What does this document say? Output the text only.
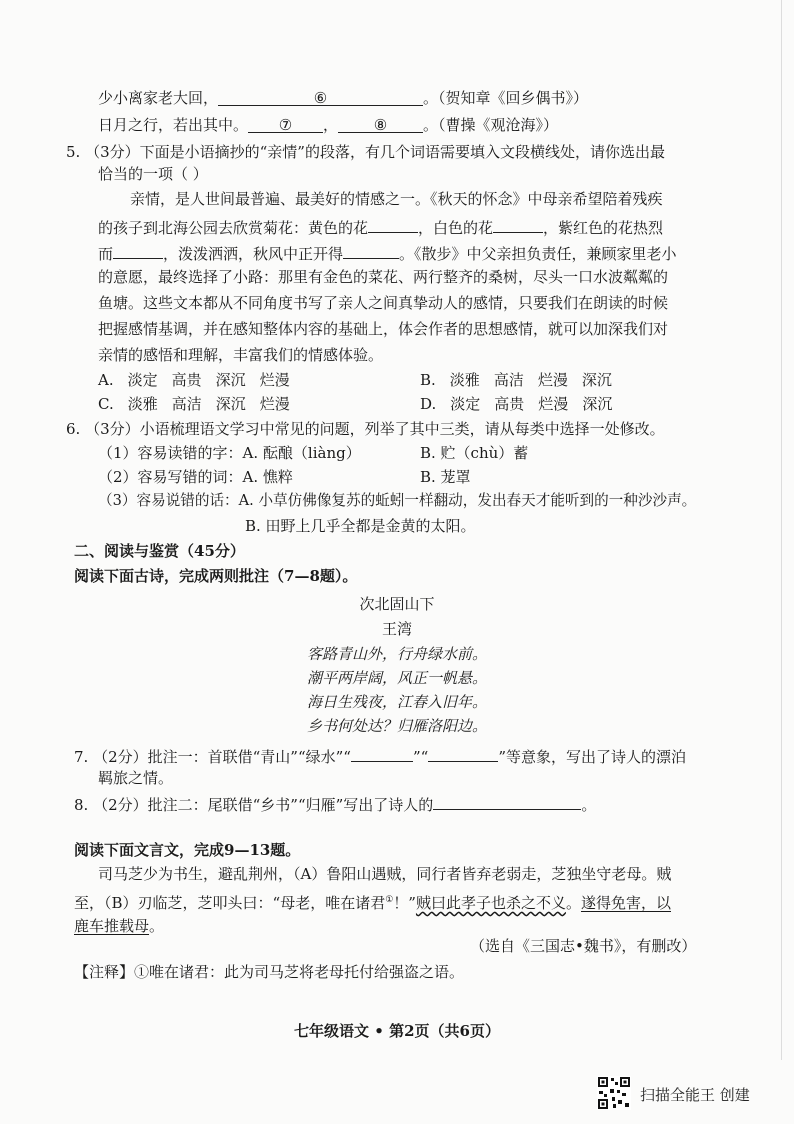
少小离家老大回，	⑥	。（贺知章《回乡偶书》）
日月之行，若出其中。 ⑦ ， ⑧ 。（曹操《观沧海》）
5. （3分）下面是小语摘抄的“亲情”的段落，有几个词语需要填入文段横线处，请你选出最
恰当的一项（ ）
亲情，是人世间最普遍、最美好的情感之一。《秋天的怀念》中母亲希望陪着残疾
的孩子到北海公园去欣赏菊花：黄色的花	，白色的花	，紫红色的花热烈
而	，泼泼洒洒，秋风中正开得	。《散步》中父亲担负责任，兼顾家里老小
的意愿，最终选择了小路：那里有金色的菜花、两行整齐的桑树，尽头一口水波粼粼的
鱼塘。这些文本都从不同角度书写了亲人之间真挚动人的感情，只要我们在朗读的时候
把握感情基调，并在感知整体内容的基础上，体会作者的思想感情，就可以加深我们对
亲情的感悟和理解，丰富我们的情感体验。
A. 淡定 高贵 深沉 烂漫	B. 淡雅 高洁 烂漫 深沉
C. 淡雅 高洁 深沉 烂漫	D. 淡定 高贵 烂漫 深沉
6. （3分）小语梳理语文学习中常见的问题，列举了其中三类，请从每类中选择一处修改。
（1）容易读错的字：A. 酝酿（liàng）	B. 贮（chù）蓄
（2）容易写错的词：A. 憔粹	B. 茏罩
（3）容易说错的话：A. 小草仿佛像复苏的蚯蚓一样翻动，发出春天才能听到的一种沙沙声。
B. 田野上几乎全都是金黄的太阳。
二、阅读与鉴赏（45分）
阅读下面古诗，完成两则批注（7—8题）。
次北固山下
王湾
客路青山外，行舟绿水前。
潮平两岸阔，风正一帆悬。
海日生残夜，江春入旧年。
乡书何处达？归雁洛阳边。
7. （2分）批注一：首联借“青山”“绿水”“	”“	”等意象，写出了诗人的漂泊
羁旅之情。
8. （2分）批注二：尾联借“乡书”“归雁”写出了诗人的	。
阅读下面文言文，完成9—13题。
司马芝少为书生，避乱荆州，（A）鲁阳山遇贼，同行者皆弃老弱走，芝独坐守老母。贼
至，（B）刃临芝，芝叩头曰：“母老，唯在诸君①！”贼曰此孝子也杀之不义。遂得免害，以
鹿车推载母。
（选自《三国志•魏书》，有删改）
【注释】①唯在诸君：此为司马芝将老母托付给强盗之语。
七年级语文 • 第2页（共6页）
扫描全能王 创建
